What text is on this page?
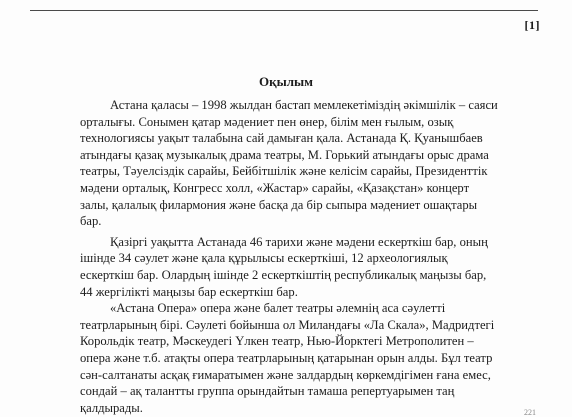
[1]
Оқылым
Астана қаласы – 1998 жылдан бастап мемлекетіміздің әкімшілік – саяси
орталығы. Сонымен қатар мәдениет пен өнер, білім мен ғылым, озық
технологиясы уақыт талабына сай дамыған қала. Астанада Қ. Қуанышбаев
атындағы қазақ музыкалық драма театры, М. Горький атындағы орыс драма
театры, Тәуелсіздік сарайы, Бейбітшілік және келісім сарайы, Президенттік
мәдени орталық, Конгресс холл, «Жастар» сарайы, «Қазақстан» концерт
залы, қалалық филармония және басқа да бір сыпыра мәдениет ошақтары
бар.
Қазіргі уақытта Астанада 46 тарихи және мәдени ескерткіш бар, оның
ішінде 34 сәулет және қала құрылысы ескерткіші, 12 археологиялық
ескерткіш бар. Олардың ішінде 2 ескерткіштің республикалық маңызы бар,
44 жергілікті маңызы бар ескерткіш бар.
«Астана Опера» опера және балет театры әлемнің аса сәулетті
театрларының бірі. Сәулеті бойынша ол Миландағы «Ла Скала», Мадридтегі
Корольдік театр, Мәскеудегі Үлкен театр, Нью-Йорктегі Метрополитен –
опера және т.б. атақты опера театрларының қатарынан орын алды. Бұл театр
сән-салтанаты асқақ ғимаратымен және залдардың көркемдігімен ғана емес,
сондай – ақ талантты группа орындайтын тамаша репертуарымен таң
қалдырады.	221
